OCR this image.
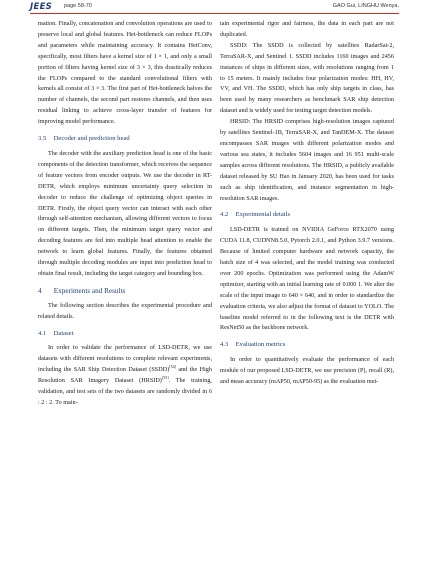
JEES page 58-70	GAO Gui, LINGHU Wenya.

mation. Finally, concatenation and convolution operations are used to preserve local and global features. Het-bottleneck can reduce FLOPs and parameters while maintaining accuracy. It contains HetConv, specifically, most filters have a kernel size of 1 × 1, and only a small portion of filters having kernel size of 3 × 3, this drastically reduces the FLOPs compared to the standard convolutional filters with kernels all consist of 3 × 3. The first part of Het-bottleneck halves the number of channels, the second part restores channels, and then uses residual linking to achieve cross-layer transfer of features for improving model performance.

3.5 Decoder and prediction head

The decoder with the auxiliary prediction head is one of the basic components of the detection transformer, which receives the sequence of feature vectors from encoder outputs. We use the decoder in RT-DETR, which employs minimum uncertainty query selection in decoder to reduce the challenge of optimizing object queries in DETR. Firstly, the object query vector can interact with each other through self-attention mechanism, allowing different vectors to focus on different targets. Then, the minimum target query vector and decoding features are fed into multiple head attention to enable the network to learn global features. Finally, the features obtained through multiple decoding modules are input into prediction head to obtain final result, including the target category and bounding box.

4 Experiments and Results

The following section describes the experimental procedure and related details.

4.1 Dataset

In order to validate the performance of LSD-DETR, we use datasets with different resolutions to complete relevant experiments, including the SAR Ship Detection Dataset (SSDD)[54] and the High Resolution SAR Imagery Dataset (HRSID)[55]. The training, validation, and test sets of the two datasets are randomly divided in 6 : 2 : 2. To main-

tain experimental rigor and fairness, the data in each part are not duplicated.

SSDD: The SSDD is collected by satellites RadarSat-2, TerraSAR-X, and Sentinel 1. SSDD includes 1160 images and 2456 instances of ships in different sizes, with resolutions ranging from 1 to 15 meters. It mainly includes four polarization modes: HH, HV, VV, and VH. The SSDD, which has only ship targets in class, has been used by many researchers as benchmark SAR ship detection dataset and is widely used for testing target detection models.

HRSID: The HRSID comprises high-resolution images captured by satellites Sentinel-1B, TerraSAR-X, and TanDEM-X. The dataset encompasses SAR images with different polarization modes and various sea states, it includes 5604 images and 16 951 multi-scale samples across different resolutions. The HRSID, a publicly available dataset released by SU Hao in January 2020, has been used for tasks such as ship identification, and instance segmentation in high-resolution SAR images.

4.2 Experimental details

LSD-DETR is trained on NVIDIA GeForce RTX2070 using CUDA 11.8, CUDNN8.5.0, Pytorch 2.0.1, and Python 3.9.7 versions. Because of limited computer hardware and network capacity, the batch size of 4 was selected, and the model training was conducted over 200 epochs. Optimization was performed using the AdamW optimizer, starting with an initial learning rate of 0.000 1. We alter the scale of the input image to 640 × 640, and in order to standardize the evaluation criteria, we also adjust the format of dataset to YOLO. The baseline model referred to in the following text is the DETR with ResNet50 as the backbone network.

4.3 Evaluation metrics

In order to quantitatively evaluate the performance of each module of our proposed LSD-DETR, we use precision (P), recall (R), and mean accuracy (mAP50, mAP50-95) as the evaluation met-
